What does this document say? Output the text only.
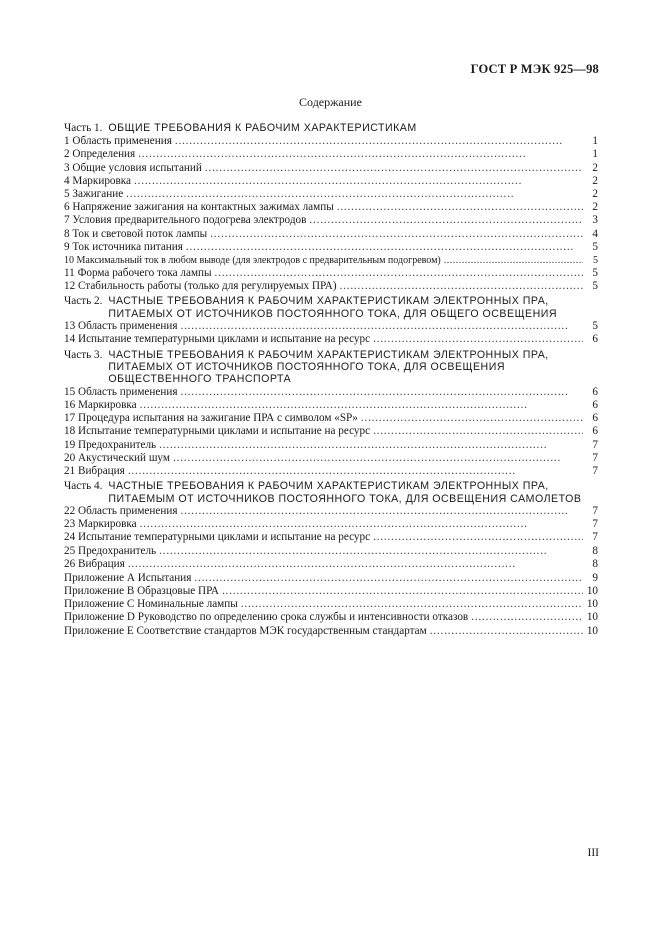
ГОСТ Р МЭК 925—98
Содержание
Часть 1. ОБЩИЕ ТРЕБОВАНИЯ К РАБОЧИМ ХАРАКТЕРИСТИКАМ
1 Область применения . . .	1
2 Определения . . .	1
3 Общие условия испытаний . . .	2
4 Маркировка . . .	2
5 Зажигание . . .	2
6 Напряжение зажигания на контактных зажимах лампы . . .	2
7 Условия предварительного подогрева электродов . . .	3
8 Ток и световой поток лампы . . .	4
9 Ток источника питания . . .	5
10 Максимальный ток в любом выводе (для электродов с предварительным подогревом) . . .	5
11 Форма рабочего тока лампы . . .	5
12 Стабильность работы (только для регулируемых ПРА) . . .	5
Часть 2. ЧАСТНЫЕ ТРЕБОВАНИЯ К РАБОЧИМ ХАРАКТЕРИСТИКАМ ЭЛЕКТРОННЫХ ПРА, ПИТАЕМЫХ ОТ ИСТОЧНИКОВ ПОСТОЯННОГО ТОКА, ДЛЯ ОБЩЕГО ОСВЕЩЕНИЯ
13 Область применения . . .	5
14 Испытание температурными циклами и испытание на ресурс . . .	6
Часть 3. ЧАСТНЫЕ ТРЕБОВАНИЯ К РАБОЧИМ ХАРАКТЕРИСТИКАМ ЭЛЕКТРОННЫХ ПРА, ПИТАЕМЫХ ОТ ИСТОЧНИКОВ ПОСТОЯННОГО ТОКА, ДЛЯ ОСВЕЩЕНИЯ ОБЩЕСТВЕННОГО ТРАНСПОРТА
15 Область применения . . .	6
16 Маркировка . . .	6
17 Процедура испытания на зажигание ПРА с символом «SP» . . .	6
18 Испытание температурными циклами и испытание на ресурс . . .	6
19 Предохранитель . . .	7
20 Акустический шум . . .	7
21 Вибрация . . .	7
Часть 4. ЧАСТНЫЕ ТРЕБОВАНИЯ К РАБОЧИМ ХАРАКТЕРИСТИКАМ ЭЛЕКТРОННЫХ ПРА, ПИТАЕМЫМ ОТ ИСТОЧНИКОВ ПОСТОЯННОГО ТОКА, ДЛЯ ОСВЕЩЕНИЯ САМОЛЕТОВ
22 Область применения . . .	7
23 Маркировка . . .	7
24 Испытание температурными циклами и испытание на ресурс . . .	7
25 Предохранитель . . .	8
26 Вибрация . . .	8
Приложение А Испытания . . .	9
Приложение В Образцовые ПРА . . .	10
Приложение С Номинальные лампы . . .	10
Приложение D Руководство по определению срока службы и интенсивности отказов . . .	10
Приложение Е Соответствие стандартов МЭК государственным стандартам . . .	10
III
